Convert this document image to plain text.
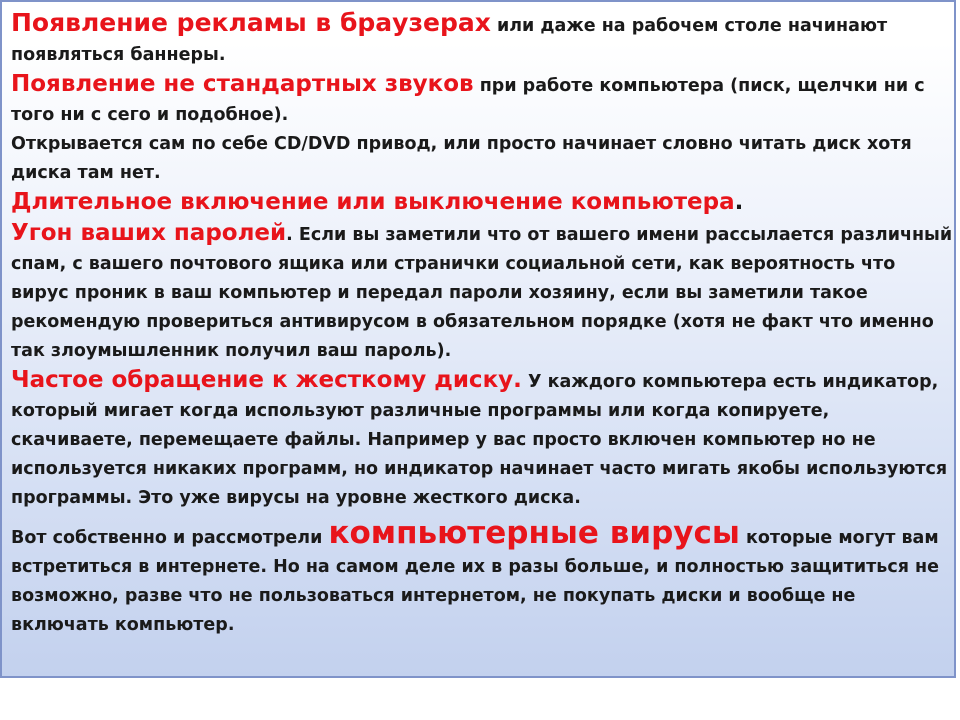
Появление рекламы в браузерах или даже на рабочем столе начинают появляться баннеры.

Появление не стандартных звуков при работе компьютера (писк, щелчки ни с того ни с сего и подобное).

Открывается сам по себе CD/DVD привод, или просто начинает словно читать диск хотя диска там нет.

Длительное включение или выключение компьютера.

Угон ваших паролей. Если вы заметили что от вашего имени рассылается различный спам, с вашего почтового ящика или странички социальной сети, как вероятность что вирус проник в ваш компьютер и передал пароли хозяину, если вы заметили такое рекомендую провериться антивирусом в обязательном порядке (хотя не факт что именно так злоумышленник получил ваш пароль).

Частое обращение к жесткому диску. У каждого компьютера есть индикатор, который мигает когда используют различные программы или когда копируете, скачиваете, перемещаете файлы. Например у вас просто включен компьютер но не используется никаких программ, но индикатор начинает часто мигать якобы используются программы. Это уже вирусы на уровне жесткого диска.

Вот собственно и рассмотрели компьютерные вирусы которые могут вам встретиться в интернете. Но на самом деле их в разы больше, и полностью защититься не возможно, разве что не пользоваться интернетом, не покупать диски и вообще не включать компьютер.
